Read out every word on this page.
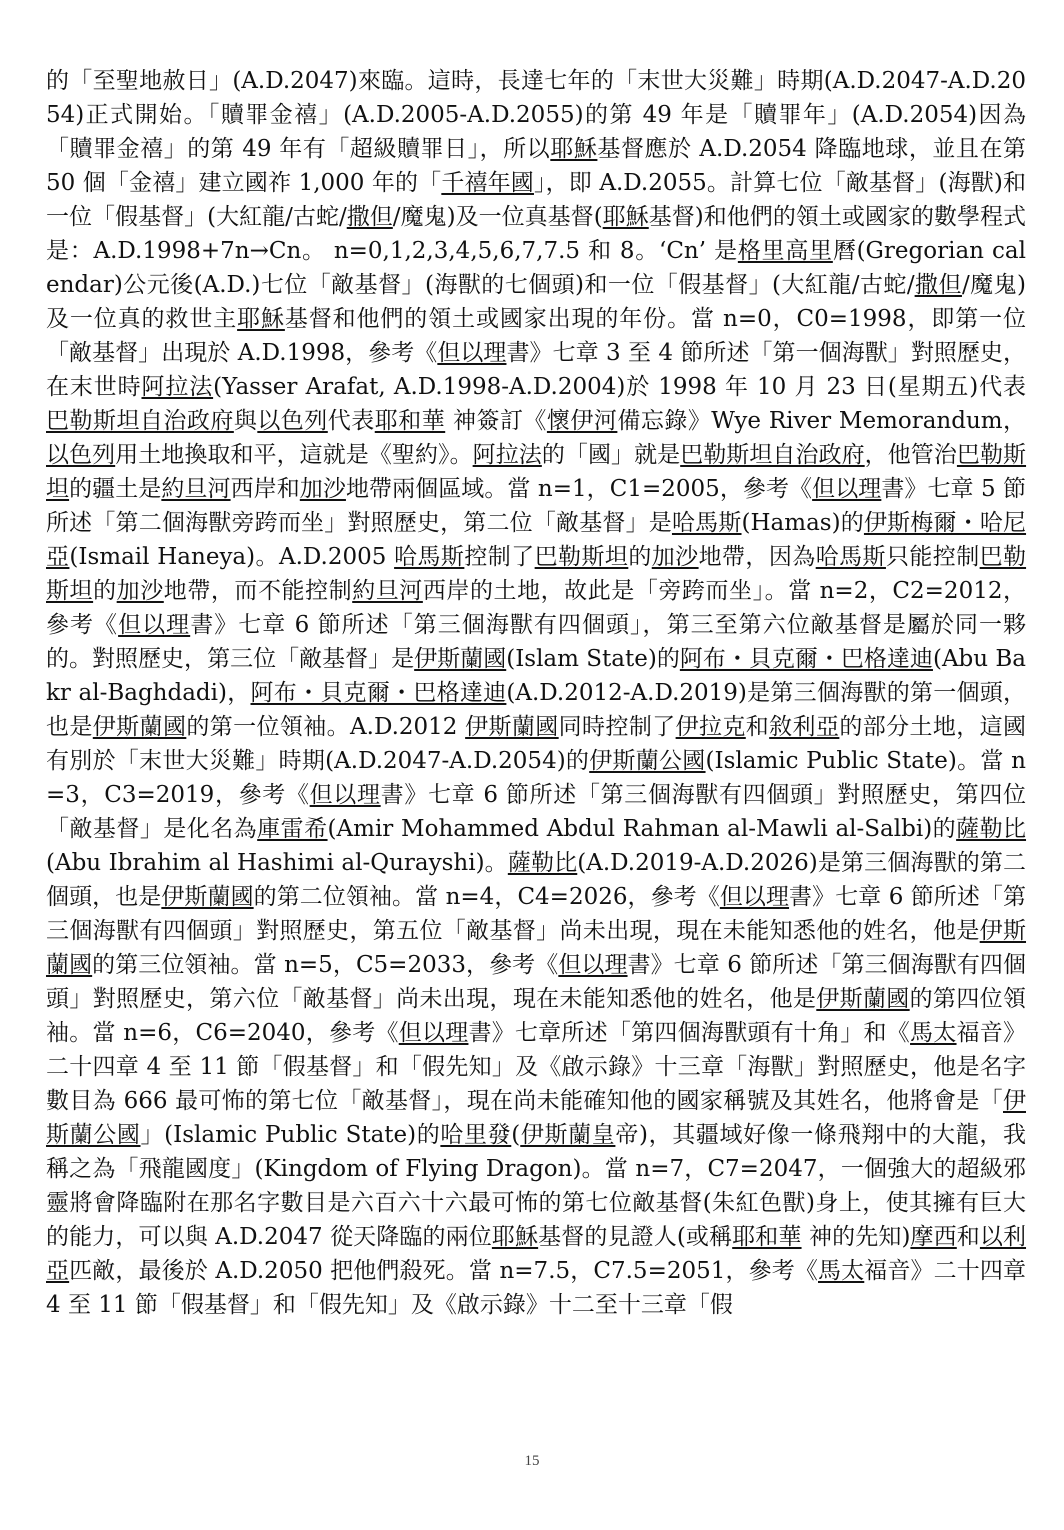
的「至聖地赦日」(A.D.2047)來臨。這時，長達七年的「末世大災難」時期(A.D.2047-A.D.2054)正式開始。「贖罪金禧」(A.D.2005-A.D.2055)的第 49 年是「贖罪年」(A.D.2054)因為「贖罪金禧」的第 49 年有「超級贖罪日」，所以耶穌基督應於 A.D.2054 降臨地球，並且在第 50 個「金禧」建立國祚 1,000 年的「千禧年國」，即 A.D.2055。計算七位「敵基督」(海獸)和一位「假基督」(大紅龍/古蛇/撒但/魔鬼)及一位真基督(耶穌基督)和他們的領土或國家的數學程式是：A.D.1998+7n→Cn。 n=0,1,2,3,4,5,6,7,7.5 和 8。‘Cn’ 是格里高里曆(Gregorian calendar)公元後(A.D.)七位「敵基督」(海獸的七個頭)和一位「假基督」(大紅龍/古蛇/撒但/魔鬼)及一位真的救世主耶穌基督和他們的領土或國家出現的年份。當 n=0，C0=1998，即第一位「敵基督」出現於 A.D.1998，參考《但以理書》七章 3 至 4 節所述「第一個海獸」對照歷史，在末世時阿拉法(Yasser Arafat, A.D.1998-A.D.2004)於 1998 年 10 月 23 日(星期五)代表巴勒斯坦自治政府與以色列代表耶和華 神簽訂《懷伊河備忘錄》Wye River Memorandum，以色列用土地換取和平，這就是《聖約》。阿拉法的「國」就是巴勒斯坦自治政府，他管治巴勒斯坦的疆土是約旦河西岸和加沙地帶兩個區域。當 n=1，C1=2005，參考《但以理書》七章 5 節所述「第二個海獸旁跨而坐」對照歷史，第二位「敵基督」是哈馬斯(Hamas)的伊斯梅爾・哈尼亞(Ismail Haneya)。A.D.2005 哈馬斯控制了巴勒斯坦的加沙地帶，因為哈馬斯只能控制巴勒斯坦的加沙地帶，而不能控制約旦河西岸的土地，故此是「旁跨而坐」。當 n=2，C2=2012，參考《但以理書》七章 6 節所述「第三個海獸有四個頭」，第三至第六位敵基督是屬於同一夥的。對照歷史，第三位「敵基督」是伊斯蘭國(Islam State)的阿布・貝克爾・巴格達迪(Abu Bakr al-Baghdadi)，阿布・貝克爾・巴格達迪(A.D.2012-A.D.2019)是第三個海獸的第一個頭，也是伊斯蘭國的第一位領袖。A.D.2012 伊斯蘭國同時控制了伊拉克和敘利亞的部分土地，這國有別於「末世大災難」時期(A.D.2047-A.D.2054)的伊斯蘭公國(Islamic Public State)。當 n=3，C3=2019，參考《但以理書》七章 6 節所述「第三個海獸有四個頭」對照歷史，第四位「敵基督」是化名為庫雷希(Amir Mohammed Abdul Rahman al-Mawli al-Salbi)的薩勒比(Abu Ibrahim al Hashimi al-Qurayshi)。薩勒比(A.D.2019-A.D.2026)是第三個海獸的第二個頭，也是伊斯蘭國的第二位領袖。當 n=4，C4=2026，參考《但以理書》七章 6 節所述「第三個海獸有四個頭」對照歷史，第五位「敵基督」尚未出現，現在未能知悉他的姓名，他是伊斯蘭國的第三位領袖。當 n=5，C5=2033，參考《但以理書》七章 6 節所述「第三個海獸有四個頭」對照歷史，第六位「敵基督」尚未出現，現在未能知悉他的姓名，他是伊斯蘭國的第四位領袖。當 n=6，C6=2040，參考《但以理書》七章所述「第四個海獸頭有十角」和《馬太福音》二十四章 4 至 11 節「假基督」和「假先知」及《啟示錄》十三章「海獸」對照歷史，他是名字數目為 666 最可怖的第七位「敵基督」，現在尚未能確知他的國家稱號及其姓名，他將會是「伊斯蘭公國」(Islamic Public State)的哈里發(伊斯蘭皇帝)，其疆域好像一條飛翔中的大龍，我稱之為「飛龍國度」(Kingdom of Flying Dragon)。當 n=7，C7=2047，一個強大的超級邪靈將會降臨附在那名字數目是六百六十六最可怖的第七位敵基督(朱紅色獸)身上，使其擁有巨大的能力，可以與 A.D.2047 從天降臨的兩位耶穌基督的見證人(或稱耶和華 神的先知)摩西和以利亞匹敵，最後於 A.D.2050 把他們殺死。當 n=7.5，C7.5=2051，參考《馬太福音》二十四章 4 至 11 節「假基督」和「假先知」及《啟示錄》十二至十三章「假

15
